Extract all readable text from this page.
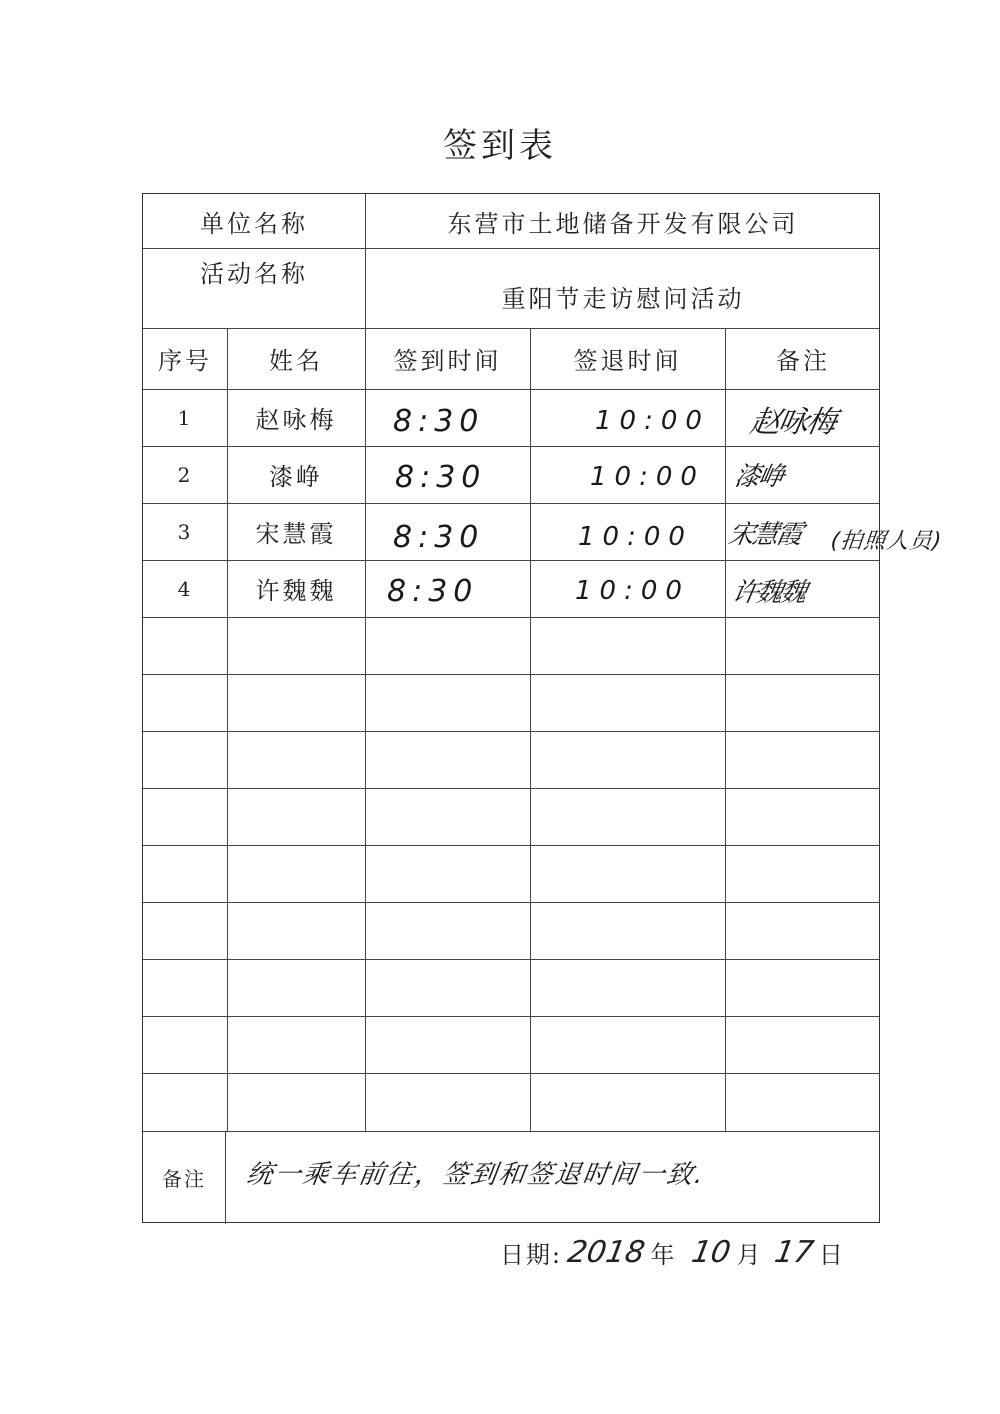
签到表
单位名称	东营市土地储备开发有限公司
活动名称
重阳节走访慰问活动
序号	姓名	签到时间	签退时间	备注
1	赵咏梅	8:30	10:00 赵咏梅
2	漆峥	8:30	10:00 漆峥
3	宋慧霞	8:30	10:00 宋慧霞 (拍照人员)
4	许魏魏	8:30	10:00 许魏魏
备注	统一乘车前往，签到和签退时间一致.
日期: 2018 年 10 月 17 日
